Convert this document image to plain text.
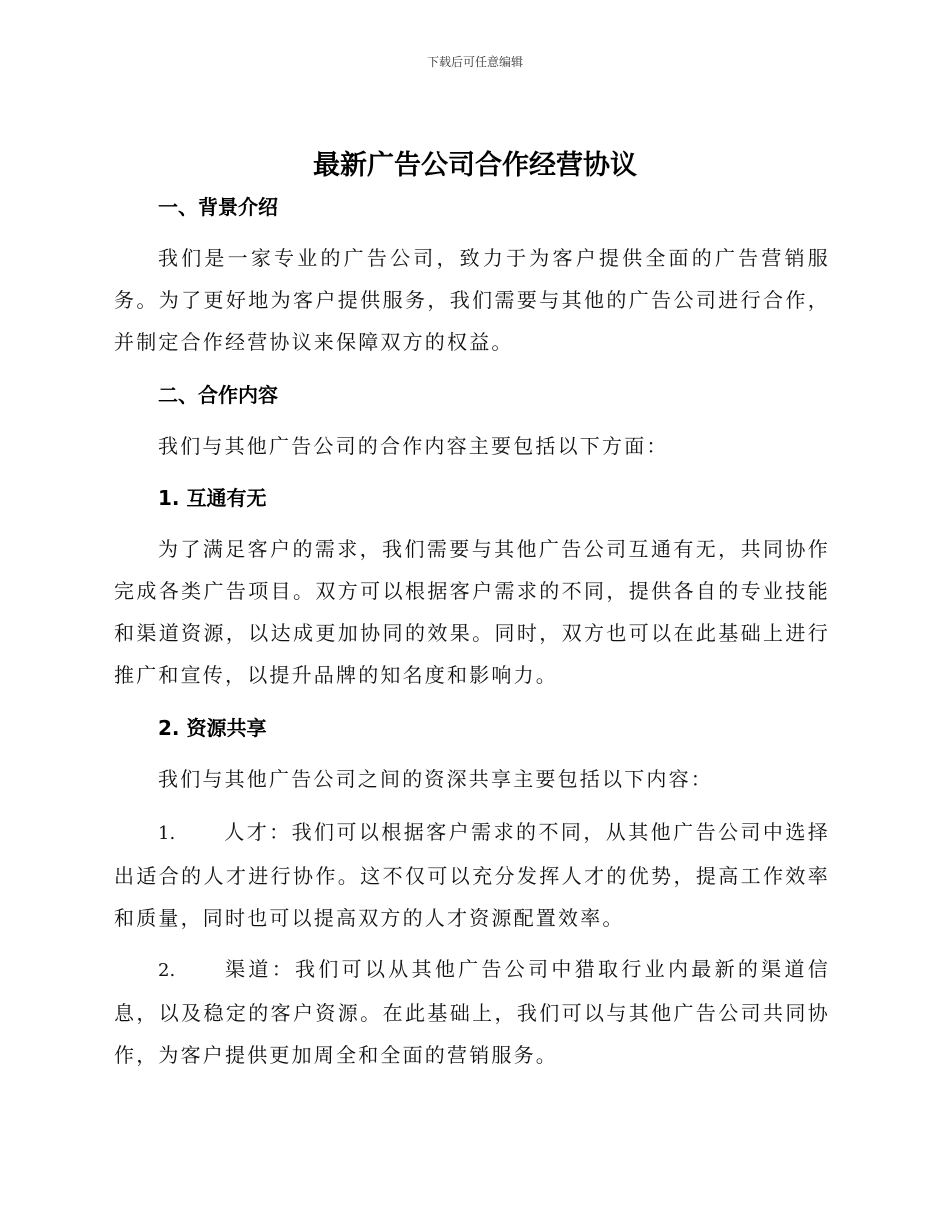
下载后可任意编辑
最新广告公司合作经营协议
一、背景介绍

我们是一家专业的广告公司，致力于为客户提供全面的广告营销服务。为了更好地为客户提供服务，我们需要与其他的广告公司进行合作，并制定合作经营协议来保障双方的权益。

二、合作内容

我们与其他广告公司的合作内容主要包括以下方面：

1. 互通有无

为了满足客户的需求，我们需要与其他广告公司互通有无，共同协作完成各类广告项目。双方可以根据客户需求的不同，提供各自的专业技能和渠道资源，以达成更加协同的效果。同时，双方也可以在此基础上进行推广和宣传，以提升品牌的知名度和影响力。

2. 资源共享

我们与其他广告公司之间的资深共享主要包括以下内容：

1. 人才：我们可以根据客户需求的不同，从其他广告公司中选择出适合的人才进行协作。这不仅可以充分发挥人才的优势，提高工作效率和质量，同时也可以提高双方的人才资源配置效率。

2. 渠道：我们可以从其他广告公司中猎取行业内最新的渠道信息，以及稳定的客户资源。在此基础上，我们可以与其他广告公司共同协作，为客户提供更加周全和全面的营销服务。
